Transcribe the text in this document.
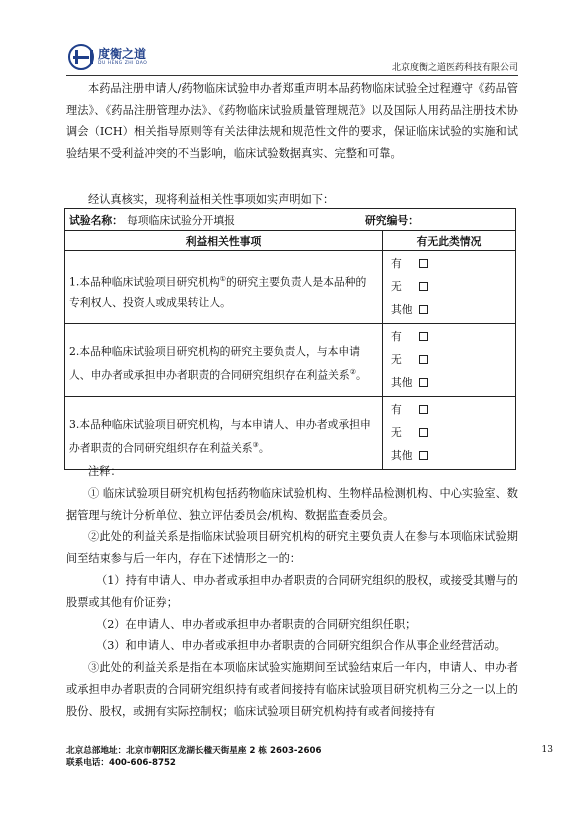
度衡之道
DU HENG ZHI DAO	北京度衡之道医药科技有限公司

本药品注册申请人/药物临床试验申办者郑重声明本品药物临床试验全过程遵守《药品管理法》、《药品注册管理办法》、《药物临床试验质量管理规范》以及国际人用药品注册技术协调会（ICH）相关指导原则等有关法律法规和规范性文件的要求，保证临床试验的实施和试验结果不受利益冲突的不当影响，临床试验数据真实、完整和可靠。

经认真核实，现将利益相关性事项如实声明如下：

试验名称： 每项临床试验分开填报 研究编号：	

利益相关性事项	有无此类情况
1.本品种临床试验项目研究机构①的研究主要负责人是本品种的专利权人、投资人或成果转让人。	有
无
其他

2.本品种临床试验项目研究机构的研究主要负责人，与本申请人、申办者或承担申办者职责的合同研究组织存在利益关系②。	有
无
其他

3.本品种临床试验项目研究机构，与本申请人、申办者或承担申办者职责的合同研究组织存在利益关系③。	有
无
其他

注释：

① 临床试验项目研究机构包括药物临床试验机构、生物样品检测机构、中心实验室、数据管理与统计分析单位、独立评估委员会/机构、数据监查委员会。

②此处的利益关系是指临床试验项目研究机构的研究主要负责人在参与本项临床试验期间至结束参与后一年内，存在下述情形之一的：

（1）持有申请人、申办者或承担申办者职责的合同研究组织的股权，或接受其赠与的股票或其他有价证券；

（2）在申请人、申办者或承担申办者职责的合同研究组织任职；

（3）和申请人、申办者或承担申办者职责的合同研究组织合作从事企业经营活动。

③此处的利益关系是指在本项临床试验实施期间至试验结束后一年内，申请人、申办者或承担申办者职责的合同研究组织持有或者间接持有临床试验项目研究机构三分之一以上的股份、股权，或拥有实际控制权；临床试验项目研究机构持有或者间接持有

北京总部地址：北京市朝阳区龙湖长楹天街星座 2 栋 2603-2606
联系电话：400-606-8752
13
